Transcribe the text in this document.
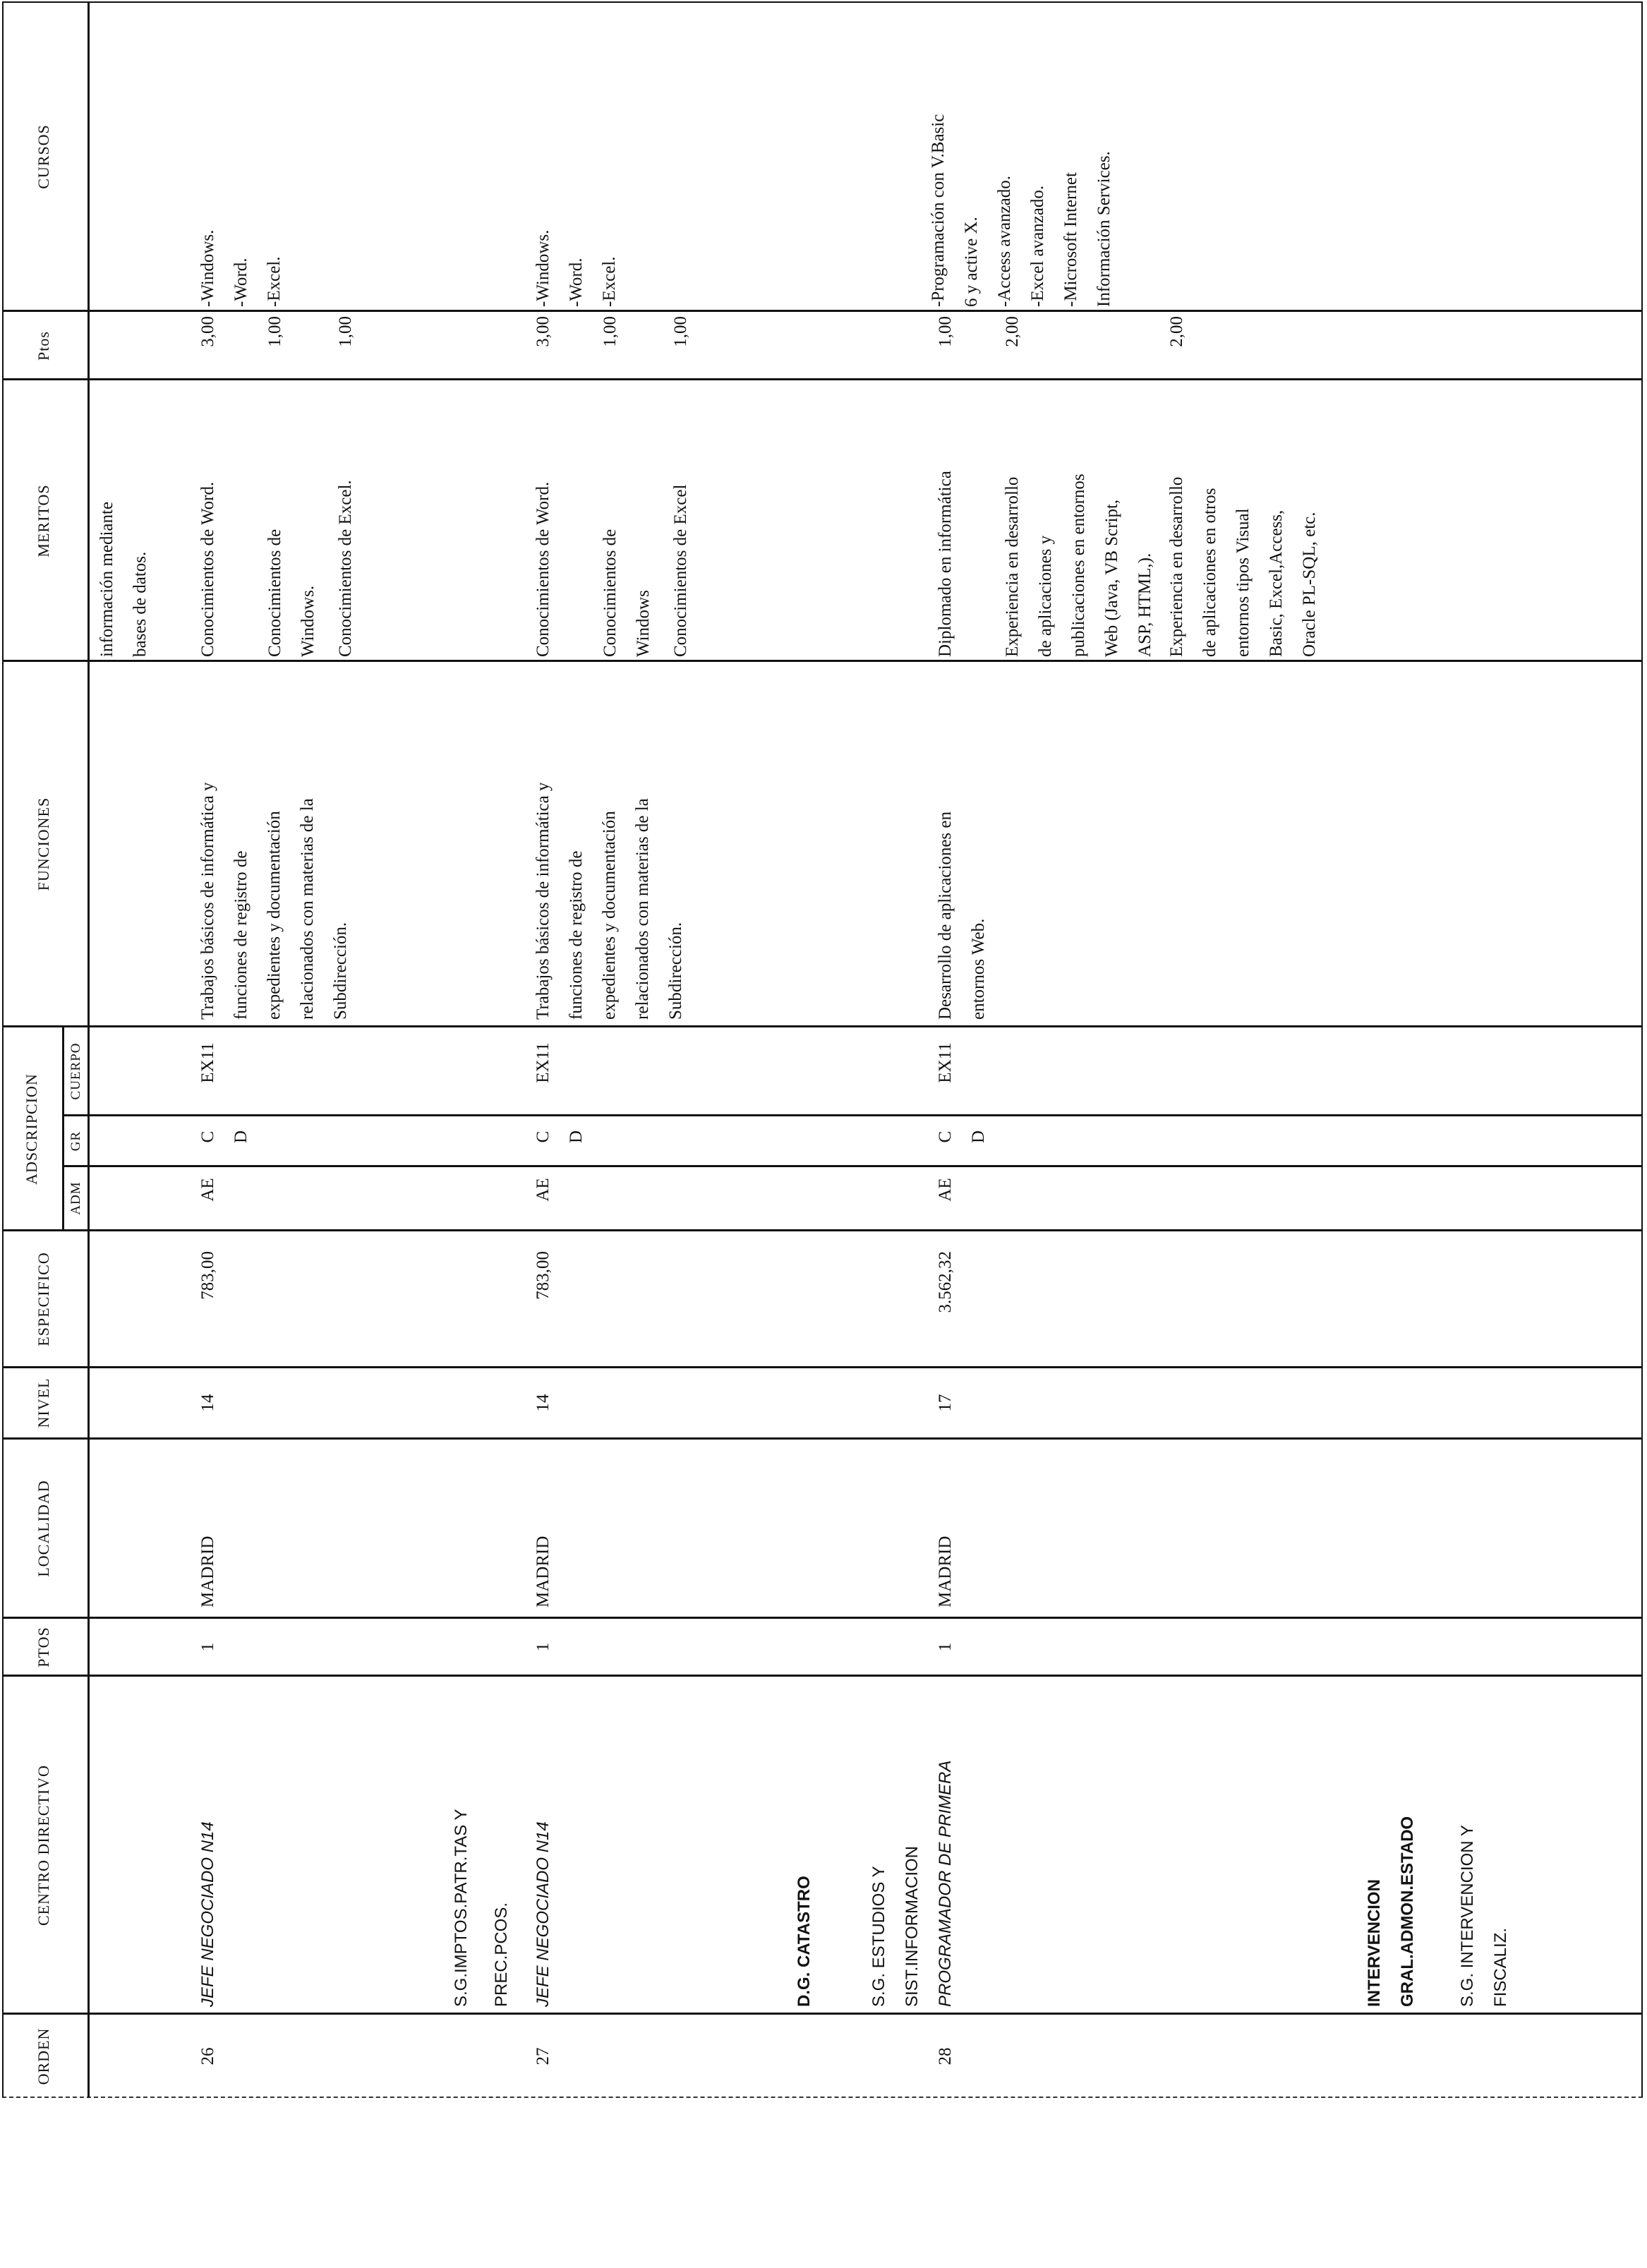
ORDEN
CENTRO DIRECTIVO
PTOS
LOCALIDAD
NIVEL
ESPECIFICO
FUNCIONES
MERITOS
Ptos
CURSOS
ADSCRIPCION
ADM
GR
CUERPO
información mediante bases de datos.
26
JEFE NEGOCIADO N14
1
MADRID
14
783,00
AE
C D
EX11
Trabajos básicos de informática y funciones de registro de expedientes y documentación relacionados con materias de la Subdirección.
Conocimientos de Word.
3,00
Conocimientos de Windows.
1,00
Conocimientos de Excel.
1,00
-Windows. -Word. -Excel.
S.G.IMPTOS.PATR.TAS Y PREC.PCOS.
27
JEFE NEGOCIADO N14
1
MADRID
14
783,00
AE
C D
EX11
Trabajos básicos de informática y funciones de registro de expedientes y documentación relacionados con materias de la Subdirección.
Conocimientos de Word.
3,00
Conocimientos de Windows
1,00
Conocimientos de Excel
1,00
-Windows. -Word. -Excel.
D.G. CATASTRO	S.G. ESTUDIOS Y SIST.INFORMACION
28
PROGRAMADOR DE PRIMERA
1
MADRID
17
3.562,32
AE
C D
EX11
Desarrollo de aplicaciones en entornos Web.
Diplomado en informática
1,00
Experiencia en desarrollo de aplicaciones y publicaciones en entornos Web (Java, VB Script, ASP, HTML,).
2,00
Experiencia en desarrollo de aplicaciones en otros entornos tipos Visual Basic, Excel,Access, Oracle PL-SQL, etc.
2,00
-Programación con V.Basic 6 y active X. -Access avanzado. -Excel avanzado. -Microsoft Internet Información Services.
INTERVENCION GRAL.ADMON.ESTADO S.G. INTERVENCION Y FISCALIZ.
